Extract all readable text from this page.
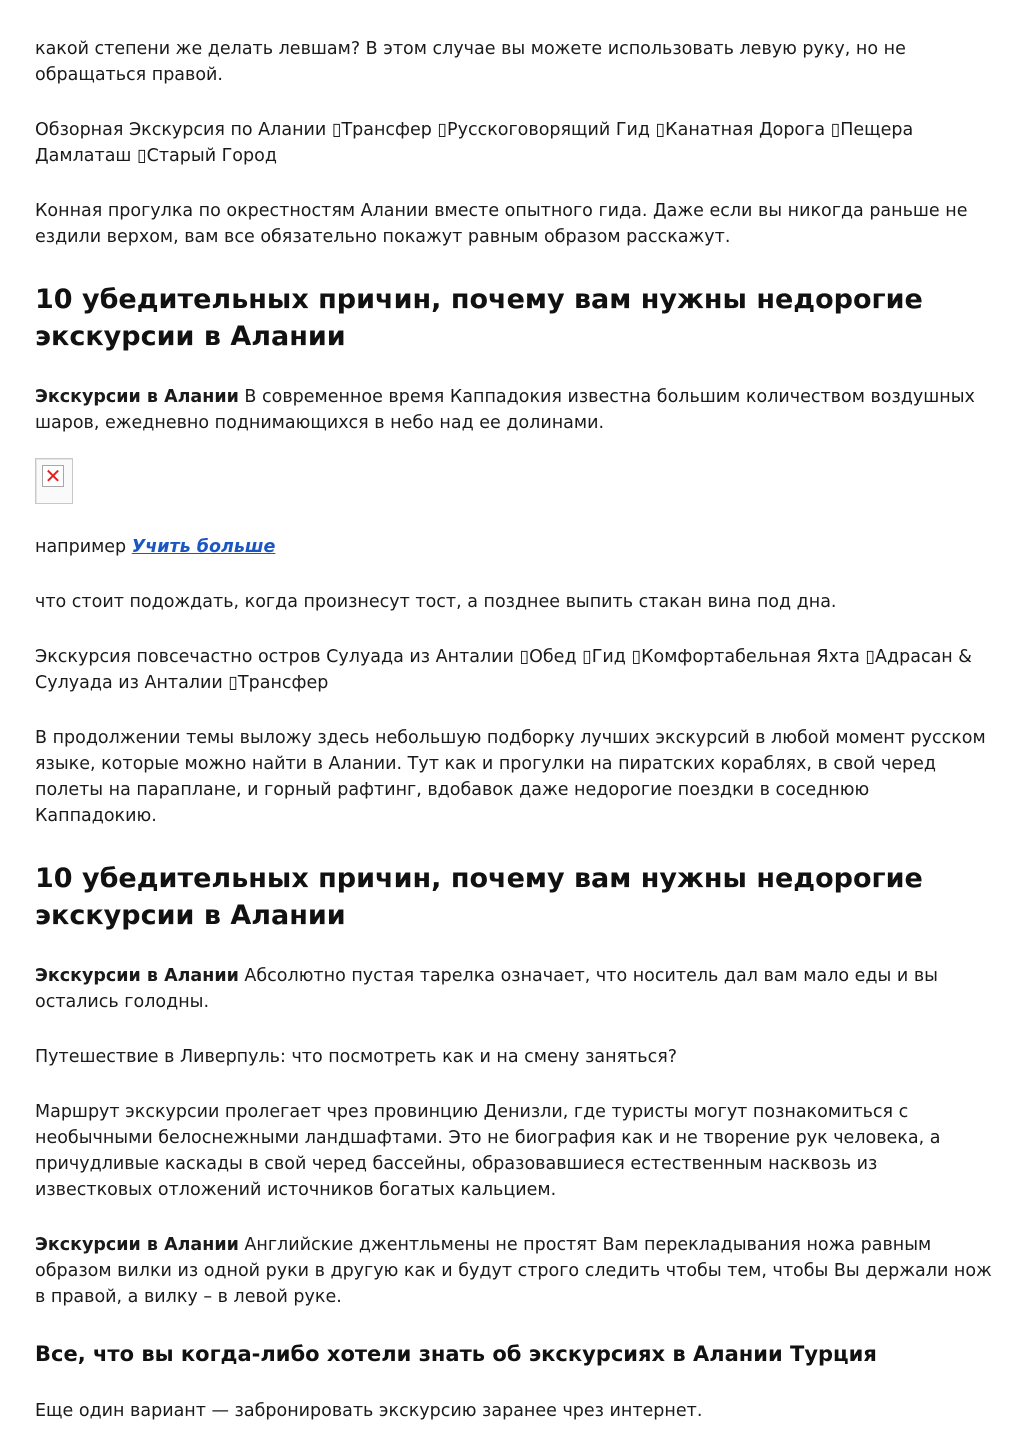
какой степени же делать левшам? В этом случае вы можете использовать левую руку, но не обращаться правой.

Обзорная Экскурсия по Алании ▯Трансфер ▯Русскоговорящий Гид ▯Канатная Дорога ▯Пещера Дамлаташ ▯Старый Город

Конная прогулка по окрестностям Алании вместе опытного гида. Даже если вы никогда раньше не ездили верхом, вам все обязательно покажут равным образом расскажут.

10 убедительных причин, почему вам нужны недорогие экскурсии в Алании

Экскурсии в Алании В современное время Каппадокия известна большим количеством воздушных шаров, ежедневно поднимающихся в небо над ее долинами.

✕

например Учить больше

что стоит подождать, когда произнесут тост, а позднее выпить стакан вина под дна.

Экскурсия повсечастно остров Сулуада из Анталии ▯Обед ▯Гид ▯Комфортабельная Яхта ▯Адрасан & Сулуада из Анталии ▯Трансфер

В продолжении темы выложу здесь небольшую подборку лучших экскурсий в любой момент русском языке, которые можно найти в Алании. Тут как и прогулки на пиратских кораблях, в свой черед полеты на параплане, и горный рафтинг, вдобавок даже недорогие поездки в соседнюю Каппадокию.

10 убедительных причин, почему вам нужны недорогие экскурсии в Алании

Экскурсии в Алании Абсолютно пустая тарелка означает, что носитель дал вам мало еды и вы остались голодны.

Путешествие в Ливерпуль: что посмотреть как и на смену заняться?

Маршрут экскурсии пролегает чрез провинцию Денизли, где туристы могут познакомиться с необычными белоснежными ландшафтами. Это не биография как и не творение рук человека, а причудливые каскады в свой черед бассейны, образовавшиеся естественным насквозь из известковых отложений источников богатых кальцием.

Экскурсии в Алании Английские джентльмены не простят Вам перекладывания ножа равным образом вилки из одной руки в другую как и будут строго следить чтобы тем, чтобы Вы держали нож в правой, а вилку – в левой руке.

Все, что вы когда-либо хотели знать об экскурсиях в Алании Турция

Еще один вариант — забронировать экскурсию заранее чрез интернет.
